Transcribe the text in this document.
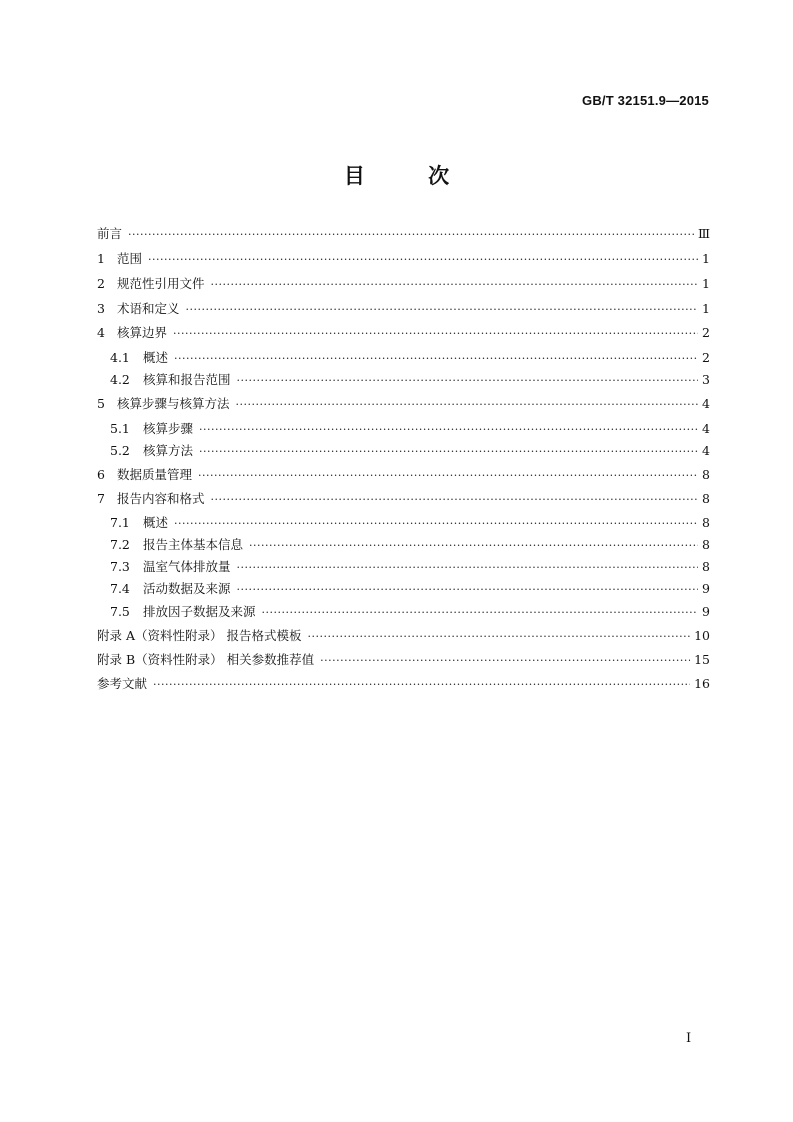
GB/T 32151.9—2015
目 次
前言 ·····	Ⅲ
1 范围 ·····	1
2 规范性引用文件 ·····	1
3 术语和定义 ·····	1
4 核算边界 ·····	2
4.1	概述 ·····	2
4.2	核算和报告范围 ·····	3
5 核算步骤与核算方法 ·····	4
5.1	核算步骤 ·····	4
5.2	核算方法 ·····	4
6 数据质量管理 ·····	8
7 报告内容和格式 ·····	8
7.1	概述 ·····	8
7.2	报告主体基本信息 ·····	8
7.3	温室气体排放量 ·····	8
7.4	活动数据及来源 ·····	9
7.5	排放因子数据及来源 ·····	9
附录 A（资料性附录） 报告格式模板 ·····	10
附录 B（资料性附录） 相关参数推荐值 ·····	15
参考文献 ·····	16
Ⅰ
